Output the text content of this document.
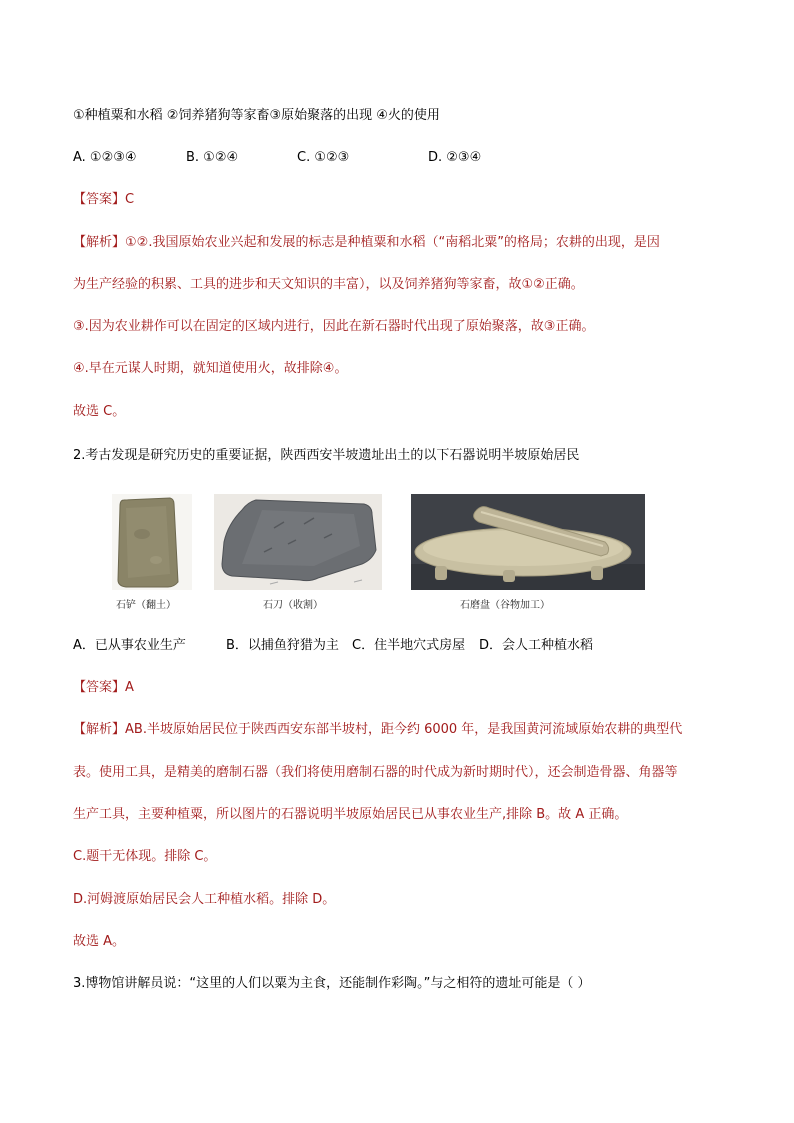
①种植粟和水稻 ②饲养猪狗等家畜③原始聚落的出现 ④火的使用
A. ①②③④	B. ①②④	C. ①②③	D. ②③④
【答案】C
【解析】①②.我国原始农业兴起和发展的标志是种植粟和水稻（“南稻北粟”的格局；农耕的出现，是因
为生产经验的积累、工具的进步和天文知识的丰富），以及饲养猪狗等家畜，故①②正确。
③.因为农业耕作可以在固定的区域内进行，因此在新石器时代出现了原始聚落，故③正确。
④.早在元谋人时期，就知道使用火，故排除④。
故选 C。
2.考古发现是研究历史的重要证据，陕西西安半坡遗址出土的以下石器说明半坡原始居民
石铲（翻土）	石刀（收割）	石磨盘（谷物加工）
A．已从事农业生产	B．以捕鱼狩猎为主 C．住半地穴式房屋 D．会人工种植水稻
【答案】A
【解析】AB.半坡原始居民位于陕西西安东部半坡村，距今约 6000 年，是我国黄河流域原始农耕的典型代
表。使用工具，是精美的磨制石器（我们将使用磨制石器的时代成为新时期时代），还会制造骨器、角器等
生产工具，主要种植粟，所以图片的石器说明半坡原始居民已从事农业生产,排除 B。故 A 正确。
C.题干无体现。排除 C。
D.河姆渡原始居民会人工种植水稻。排除 D。
故选 A。
3.博物馆讲解员说：“这里的人们以粟为主食，还能制作彩陶。”与之相符的遗址可能是（ ）
